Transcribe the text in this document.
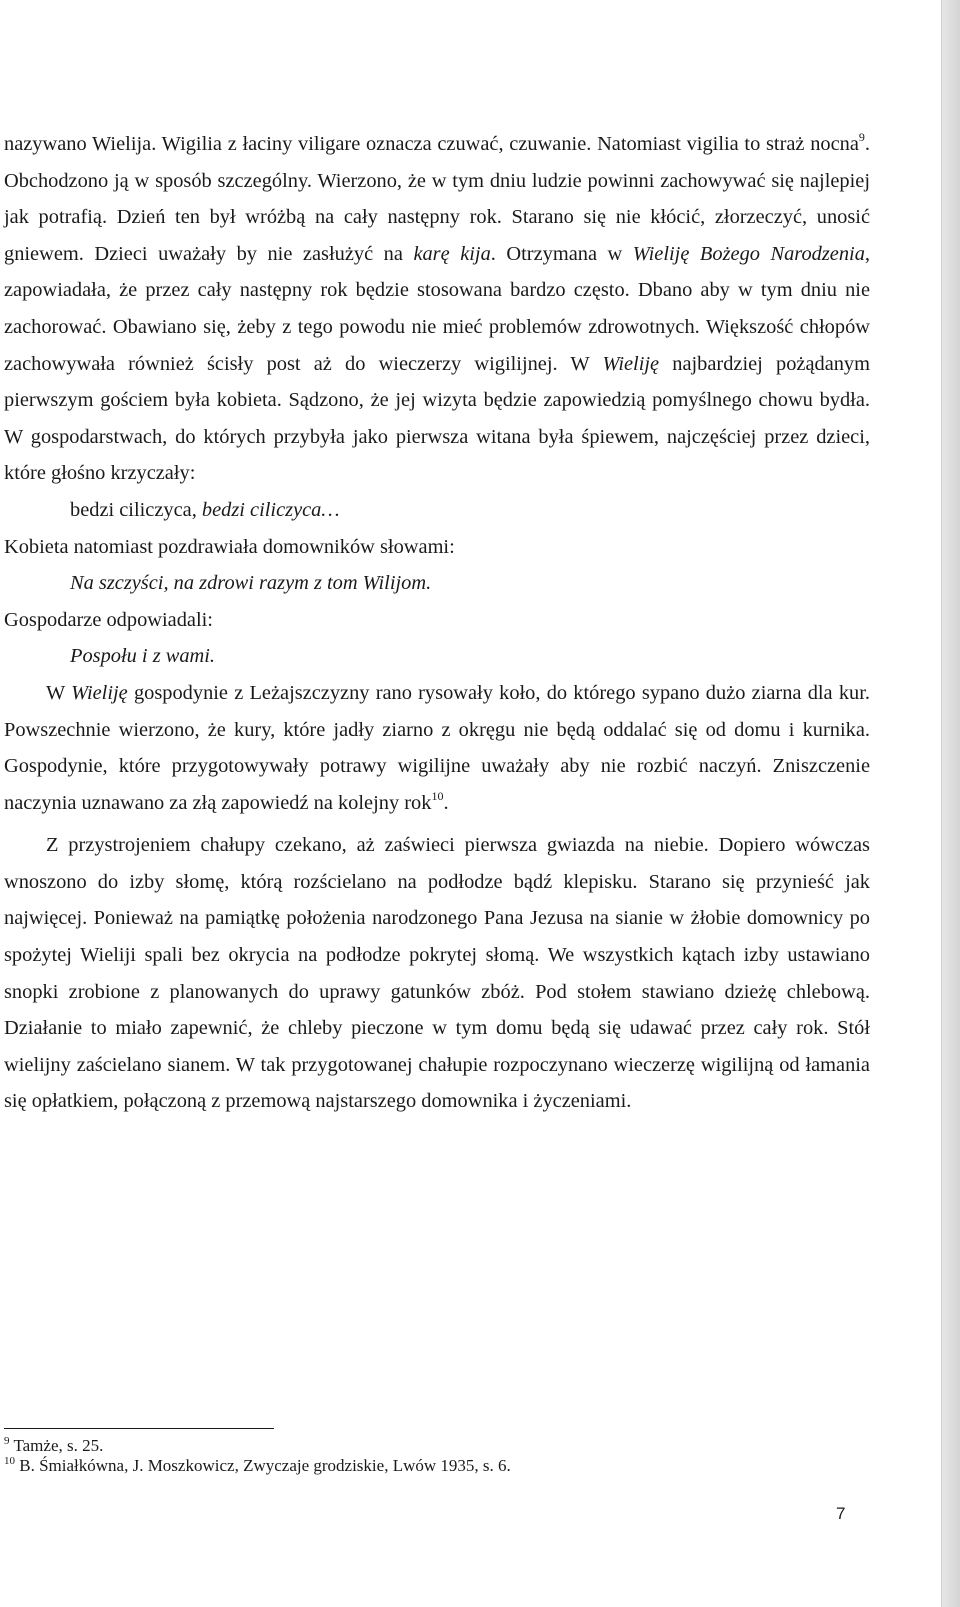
nazywano Wielija. Wigilia z łaciny viligare oznacza czuwać, czuwanie. Natomiast vigilia to straż nocna$^9$. Obchodzono ją w sposób szczególny. Wierzono, że w tym dniu ludzie powinni zachowywać się najlepiej jak potrafią. Dzień ten był wróżbą na cały następny rok. Starano się nie kłócić, złorzeczyć, unosić gniewem. Dzieci uważały by nie zasłużyć na karę kija. Otrzymana w Wieliję Bożego Narodzenia, zapowiadała, że przez cały następny rok będzie stosowana bardzo często. Dbano aby w tym dniu nie zachorować. Obawiano się, żeby z tego powodu nie mieć problemów zdrowotnych. Większość chłopów zachowywała również ścisły post aż do wieczerzy wigilijnej. W Wieliję najbardziej pożądanym pierwszym gościem była kobieta. Sądzono, że jej wizyta będzie zapowiedzią pomyślnego chowu bydła. W gospodarstwach, do których przybyła jako pierwsza witana była śpiewem, najczęściej przez dzieci, które głośno krzyczały:

bedzi ciliczyca, bedzi ciliczyca…

Kobieta natomiast pozdrawiała domowników słowami:

Na szczyści, na zdrowi razym z tom Wilijom.

Gospodarze odpowiadali:

Pospołu i z wami.

W Wieliję gospodynie z Leżajszczyzny rano rysowały koło, do którego sypano dużo ziarna dla kur. Powszechnie wierzono, że kury, które jadły ziarno z okręgu nie będą oddalać się od domu i kurnika. Gospodynie, które przygotowywały potrawy wigilijne uważały aby nie rozbić naczyń. Zniszczenie naczynia uznawano za złą zapowiedź na kolejny rok$^{10}$.

Z przystrojeniem chałupy czekano, aż zaświeci pierwsza gwiazda na niebie. Dopiero wówczas wnoszono do izby słomę, którą rozścielano na podłodze bądź klepisku. Starano się przynieść jak najwięcej. Ponieważ na pamiątkę położenia narodzonego Pana Jezusa na sianie w żłobie domownicy po spożytej Wieliji spali bez okrycia na podłodze pokrytej słomą. We wszystkich kątach izby ustawiano snopki zrobione z planowanych do uprawy gatunków zbóż. Pod stołem stawiano dzieżę chlebową. Działanie to miało zapewnić, że chleby pieczone w tym domu będą się udawać przez cały rok. Stół wielijny zaścielano sianem. W tak przygotowanej chałupie rozpoczynano wieczerzę wigilijną od łamania się opłatkiem, połączoną z przemową najstarszego domownika i życzeniami.

$^9$ Tamże, s. 25.
$^{10}$ B. Śmiałkówna, J. Moszkowicz, Zwyczaje grodziskie, Lwów 1935, s. 6.
7
